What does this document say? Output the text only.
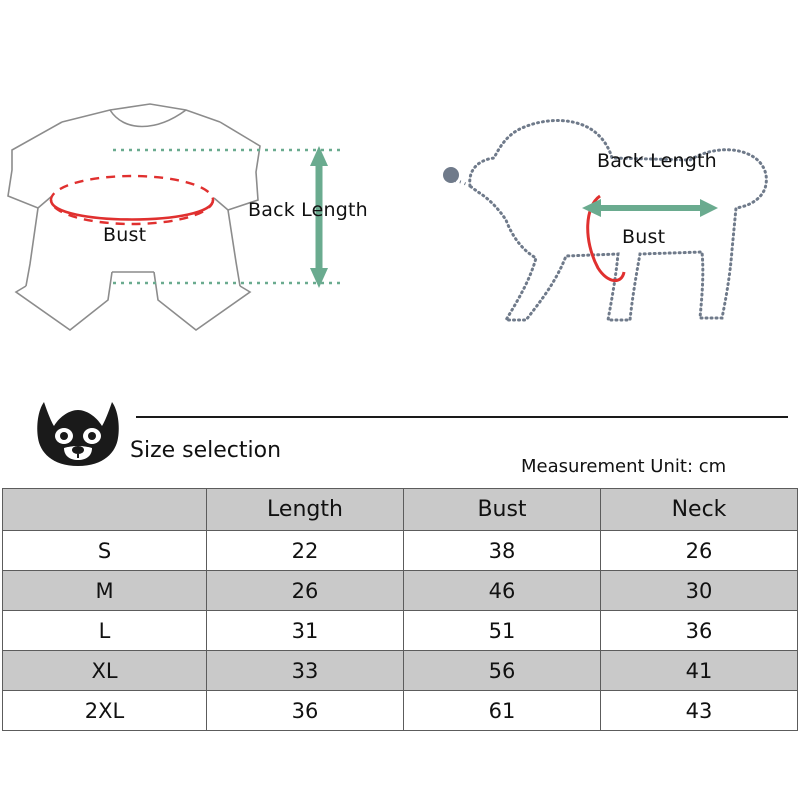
Bust
Back Length
Bust
Back Length
Size selection
Measurement Unit: cm
	Length	Bust	Neck
S	22	38	26
M	26	46	30
L	31	51	36
XL	33	56	41
2XL	36	61	43
